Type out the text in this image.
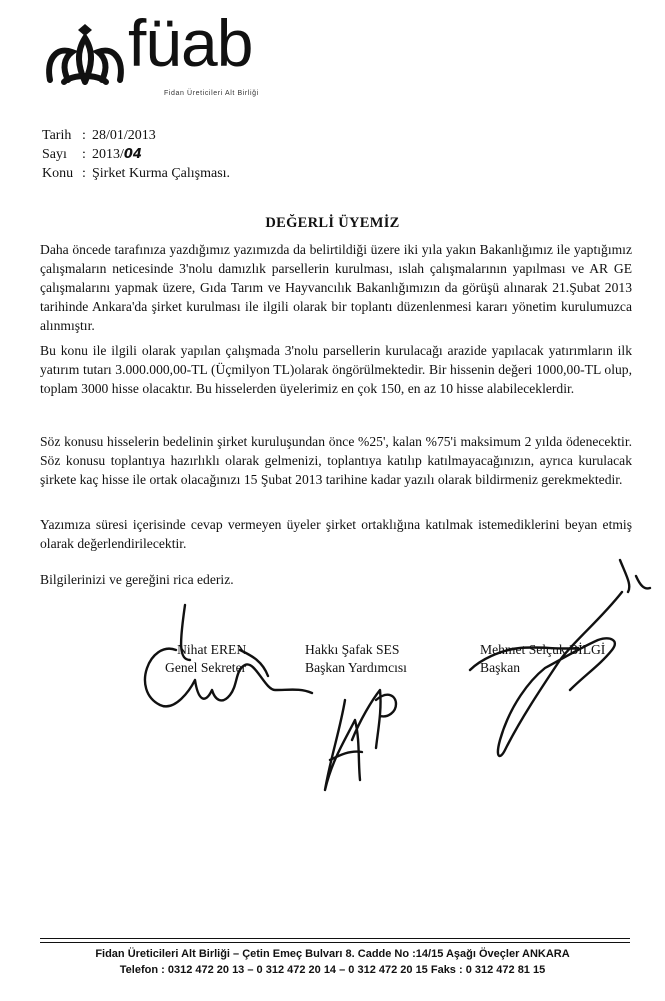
füab
Fidan Üreticileri Alt Birliği
Tarih : 28/01/2013
Sayı	: 2013/ 04
Konu : Şirket Kurma Çalışması.
DEĞERLİ ÜYEMİZ
Daha öncede tarafınıza yazdığımız yazımızda da belirtildiği üzere iki yıla yakın Bakanlığımız ile yaptığımız çalışmaların neticesinde 3'nolu damızlık parsellerin kurulması, ıslah çalışmalarının yapılması ve AR GE çalışmalarını yapmak üzere, Gıda Tarım ve Hayvancılık Bakanlığımızın da görüşü alınarak 21.Şubat 2013 tarihinde Ankara'da şirket kurulması ile ilgili olarak bir toplantı düzenlenmesi kararı yönetim kurulumuzca alınmıştır.
Bu konu ile ilgili olarak yapılan çalışmada 3'nolu parsellerin kurulacağı arazide yapılacak yatırımların ilk yatırım tutarı 3.000.000,00-TL (Üçmilyon TL)olarak öngörülmektedir. Bir hissenin değeri 1000,00-TL olup, toplam 3000 hisse olacaktır. Bu hisselerden üyelerimiz en çok 150, en az 10 hisse alabileceklerdir.
Söz konusu hisselerin bedelinin şirket kuruluşundan önce %25', kalan %75'i maksimum 2 yılda ödenecektir. Söz konusu toplantıya hazırlıklı olarak gelmenizi, toplantıya katılıp katılmayacağınızın, ayrıca kurulacak şirkete kaç hisse ile ortak olacağınızı 15 Şubat 2013 tarihine kadar yazılı olarak bildirmeniz gerekmektedir.
Yazımıza süresi içerisinde cevap vermeyen üyeler şirket ortaklığına katılmak istemediklerini beyan etmiş olarak değerlendirilecektir.
Bilgilerinizi ve gereğini rica ederiz.
Nihat EREN
Genel Sekreter
Hakkı Şafak SES
Başkan Yardımcısı
Mehmet Selçuk BİLGİ
Başkan
Fidan Üreticileri Alt Birliği – Çetin Emeç Bulvarı 8. Cadde No :14/15 Aşağı Öveçler ANKARA
Telefon : 0312 472 20 13 – 0 312 472 20 14 – 0 312 472 20 15 Faks : 0 312 472 81 15
